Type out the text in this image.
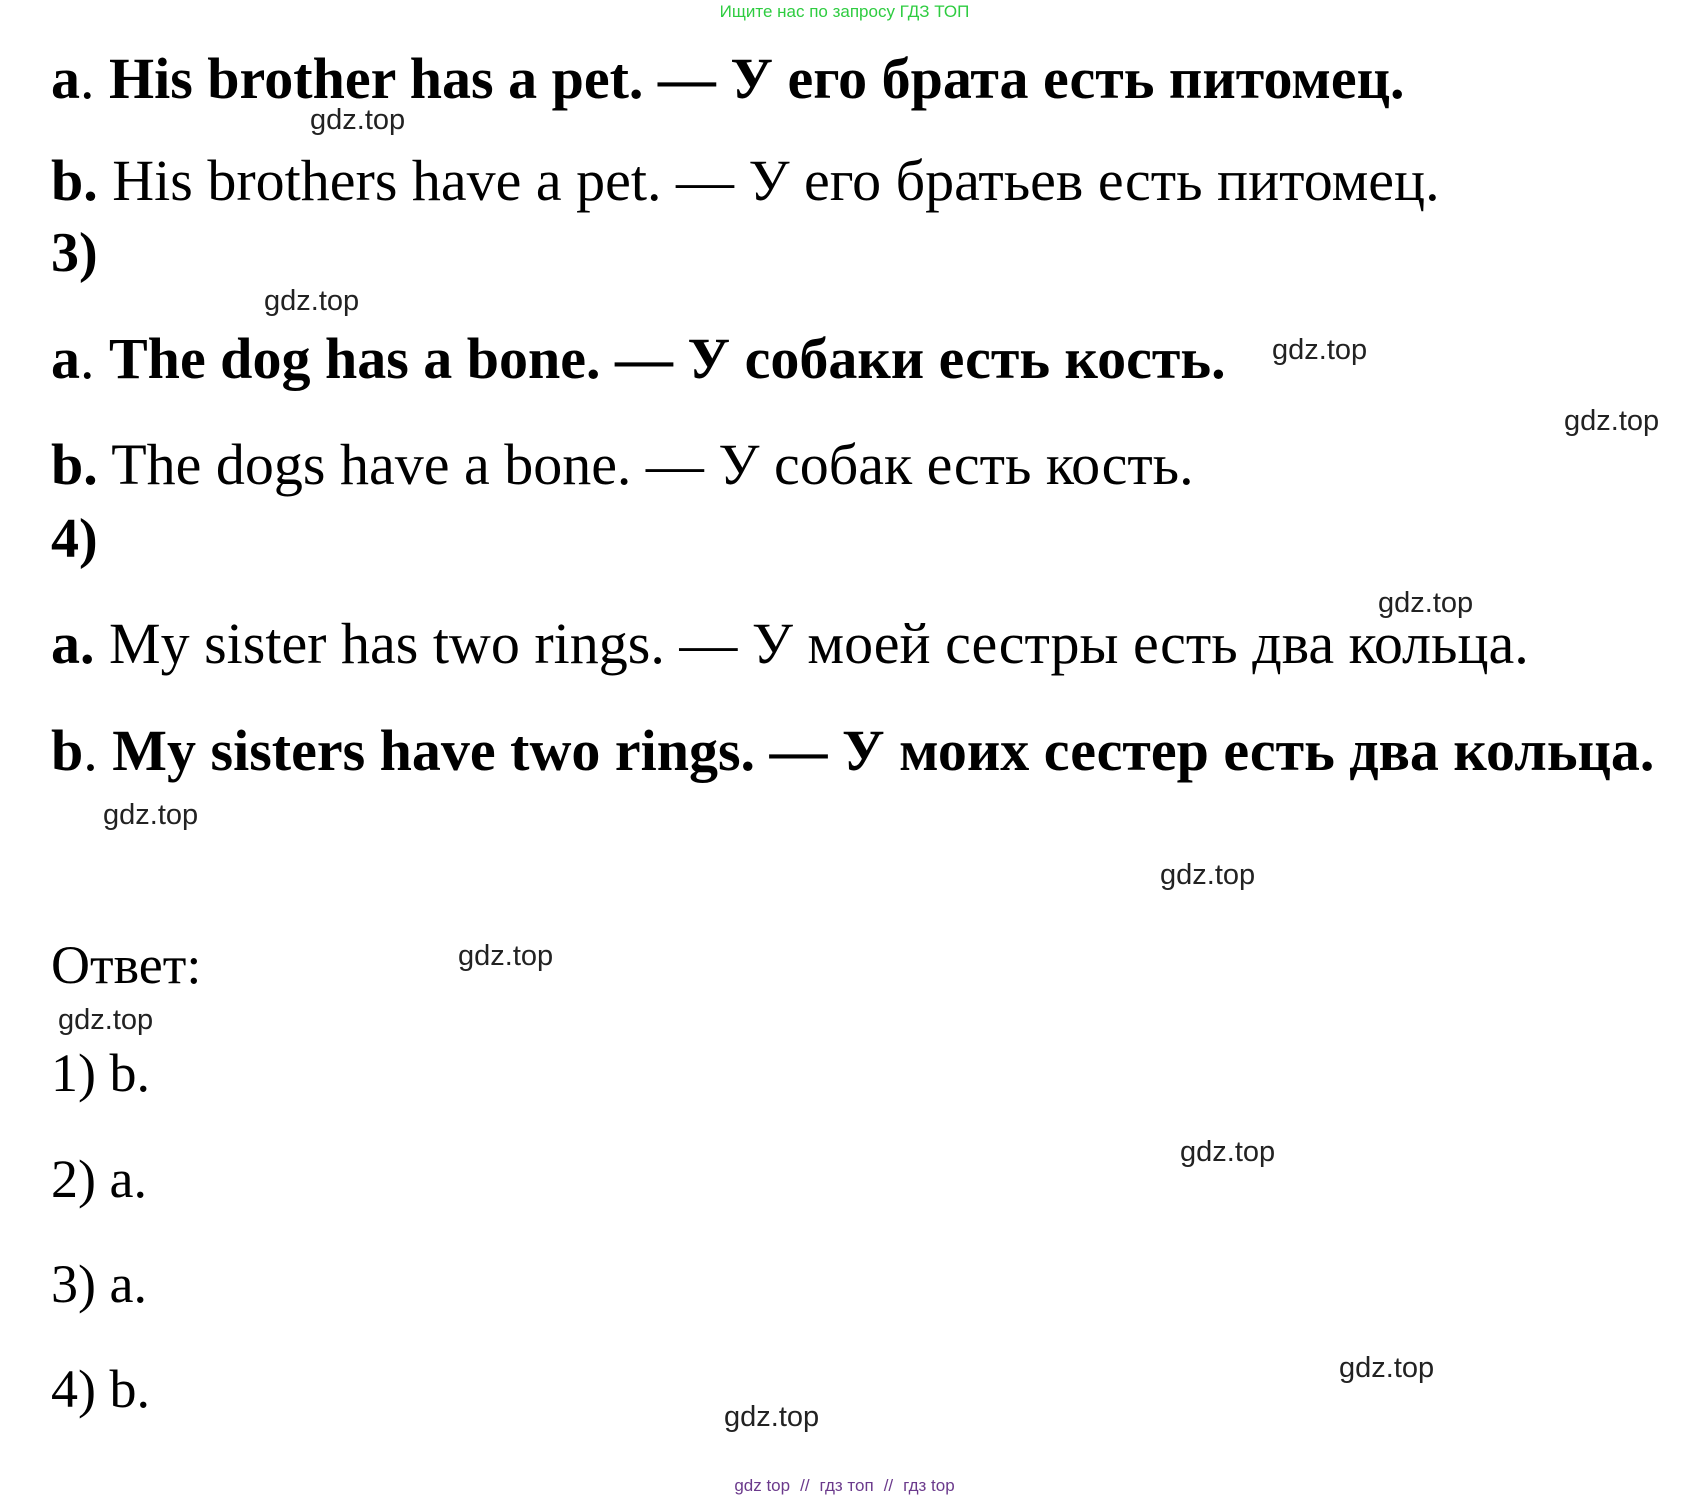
Ищите нас по запросу ГДЗ ТОП
a. His brother has a pet. — У его брата есть питомец.
b. His brothers have a pet. — У его братьев есть питомец.
3)
a. The dog has a bone. — У собаки есть кость.
b. The dogs have a bone. — У собак есть кость.
4)
a. My sister has two rings. — У моей сестры есть два кольца.
b. My sisters have two rings. — У моих сестер есть два кольца.
Ответ:
1) b.
2) a.
3) a.
4) b.
gdz.top
gdz.top
gdz.top
gdz.top
gdz.top
gdz.top
gdz.top
gdz.top
gdz.top
gdz.top
gdz.top
gdz.top
gdz top // гдз топ // гдз top
